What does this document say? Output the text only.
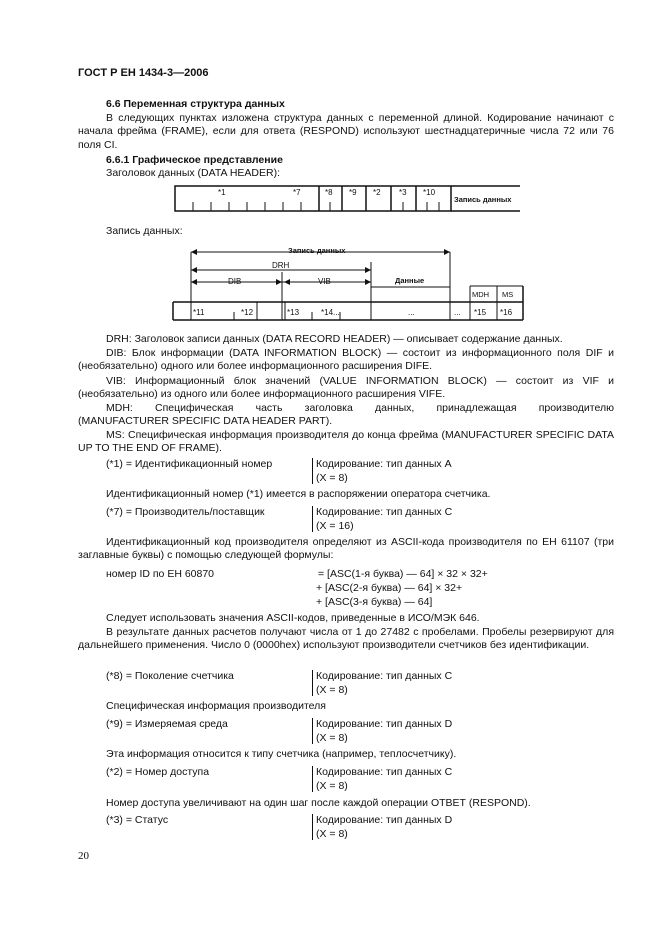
ГОСТ Р ЕН 1434-3—2006
6.6 Переменная структура данных
В следующих пунктах изложена структура данных с переменной длиной. Кодирование начинают с начала фрейма (FRAME), если для ответа (RESPOND) используют шестнадцатеричные числа 72 или 76 поля CI.
6.6.1 Графическое представление
Заголовок данных (DATA HEADER):
*1	*7	*8 *9 *2 *3 *10
Запись данных
Запись данных:
Запись данных
DRH
DIB	VIB	Данные
MDH MS
*11	*12	*13	*14...	...	... *15 *16
DRH: Заголовок записи данных (DATA RECORD HEADER) — описывает содержание данных.
DIB: Блок информации (DATA INFORMATION BLOCK) — состоит из информационного поля DIF и (необязательно) одного или более информационного расширения DIFE.
VIB: Информационный блок значений (VALUE INFORMATION BLOCK) — состоит из VIF и (необязательно) из одного или более информационного расширения VIFE.
MDH: Специфическая часть заголовка данных, принадлежащая производителю
(MANUFACTURER SPECIFIC DATA HEADER PART).
MS: Специфическая информация производителя до конца фрейма (MANUFACTURER SPECIFIC DATA UP TO THE END OF FRAME).
(*1) = Идентификационный номер	Кодирование: тип данных А
(X = 8)
Идентификационный номер (*1) имеется в распоряжении оператора счетчика.
(*7) = Производитель/поставщик	Кодирование: тип данных С
(X = 16)
Идентификационный код производителя определяют из ASCII-кода производителя по ЕН 61107 (три заглавные буквы) с помощью следующей формулы:
номер ID по ЕН 60870	= [ASC(1-я буква) — 64] × 32 × 32+
+ [ASC(2-я буква) — 64] × 32+
+ [ASC(3-я буква) — 64]
Следует использовать значения ASCII-кодов, приведенные в ИСО/МЭК 646.
В результате данных расчетов получают числа от 1 до 27482 с пробелами. Пробелы резервируют для дальнейшего применения. Число 0 (0000hex) используют производители счетчиков без идентификации.
(*8) = Поколение счетчика	Кодирование: тип данных С
(X = 8)
Специфическая информация производителя
(*9) = Измеряемая среда	Кодирование: тип данных D
(X = 8)
Эта информация относится к типу счетчика (например, теплосчетчику).
(*2) = Номер доступа	Кодирование: тип данных С
(X = 8)
Номер доступа увеличивают на один шаг после каждой операции ОТВЕТ (RESPOND).
(*3) = Статус	Кодирование: тип данных D
(X = 8)
20
